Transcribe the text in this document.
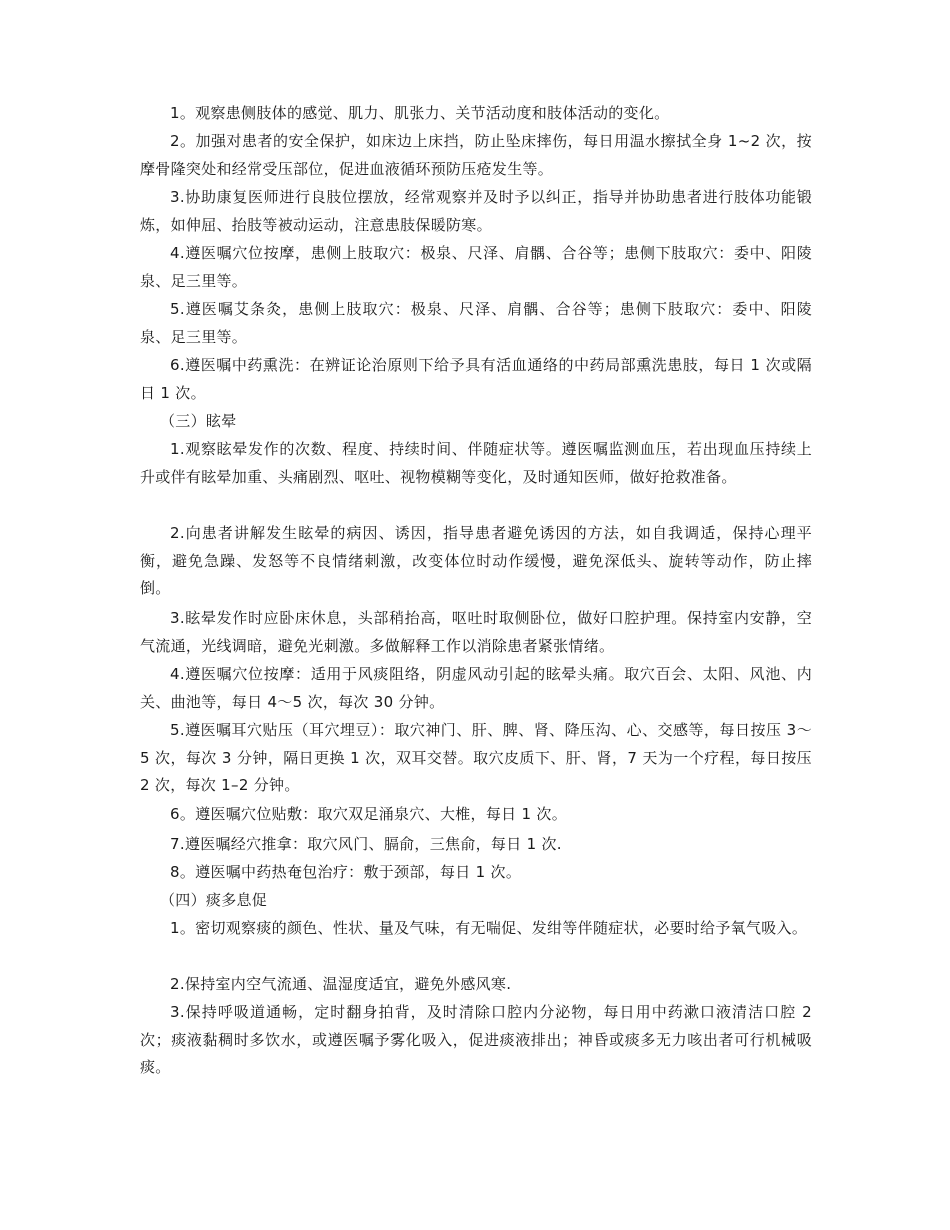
1。观察患侧肢体的感觉、肌力、肌张力、关节活动度和肢体活动的变化。

2。加强对患者的安全保护，如床边上床挡，防止坠床摔伤，每日用温水擦拭全身 1~2 次，按摩骨隆突处和经常受压部位，促进血液循环预防压疮发生等。

3.协助康复医师进行良肢位摆放，经常观察并及时予以纠正，指导并协助患者进行肢体功能锻炼，如伸屈、抬肢等被动运动，注意患肢保暖防寒。

4.遵医嘱穴位按摩，患侧上肢取穴：极泉、尺泽、肩髃、合谷等；患侧下肢取穴：委中、阳陵泉、足三里等。

5.遵医嘱艾条灸，患侧上肢取穴：极泉、尺泽、肩髃、合谷等；患侧下肢取穴：委中、阳陵泉、足三里等。

6.遵医嘱中药熏洗：在辨证论治原则下给予具有活血通络的中药局部熏洗患肢，每日 1 次或隔日 1 次。

（三）眩晕

1.观察眩晕发作的次数、程度、持续时间、伴随症状等。遵医嘱监测血压，若出现血压持续上升或伴有眩晕加重、头痛剧烈、呕吐、视物模糊等变化，及时通知医师，做好抢救准备。

2.向患者讲解发生眩晕的病因、诱因，指导患者避免诱因的方法，如自我调适，保持心理平衡，避免急躁、发怒等不良情绪刺激，改变体位时动作缓慢，避免深低头、旋转等动作，防止摔倒。

3.眩晕发作时应卧床休息，头部稍抬高，呕吐时取侧卧位，做好口腔护理。保持室内安静，空气流通，光线调暗，避免光刺激。多做解释工作以消除患者紧张情绪。

4.遵医嘱穴位按摩：适用于风痰阻络，阴虚风动引起的眩晕头痛。取穴百会、太阳、风池、内关、曲池等，每日 4～5 次，每次 30 分钟。

5.遵医嘱耳穴贴压（耳穴埋豆）：取穴神门、肝、脾、肾、降压沟、心、交感等，每日按压 3～5 次，每次 3 分钟，隔日更换 1 次，双耳交替。取穴皮质下、肝、肾，7 天为一个疗程，每日按压 2 次，每次 1–2 分钟。

6。遵医嘱穴位贴敷：取穴双足涌泉穴、大椎，每日 1 次。

7.遵医嘱经穴推拿：取穴风门、膈俞，三焦俞，每日 1 次.

8。遵医嘱中药热奄包治疗：敷于颈部，每日 1 次。

（四）痰多息促

1。密切观察痰的颜色、性状、量及气味，有无喘促、发绀等伴随症状，必要时给予氧气吸入。

2.保持室内空气流通、温湿度适宜，避免外感风寒.

3.保持呼吸道通畅，定时翻身拍背，及时清除口腔内分泌物，每日用中药漱口液清洁口腔 2 次；痰液黏稠时多饮水，或遵医嘱予雾化吸入，促进痰液排出；神昏或痰多无力咳出者可行机械吸痰。
